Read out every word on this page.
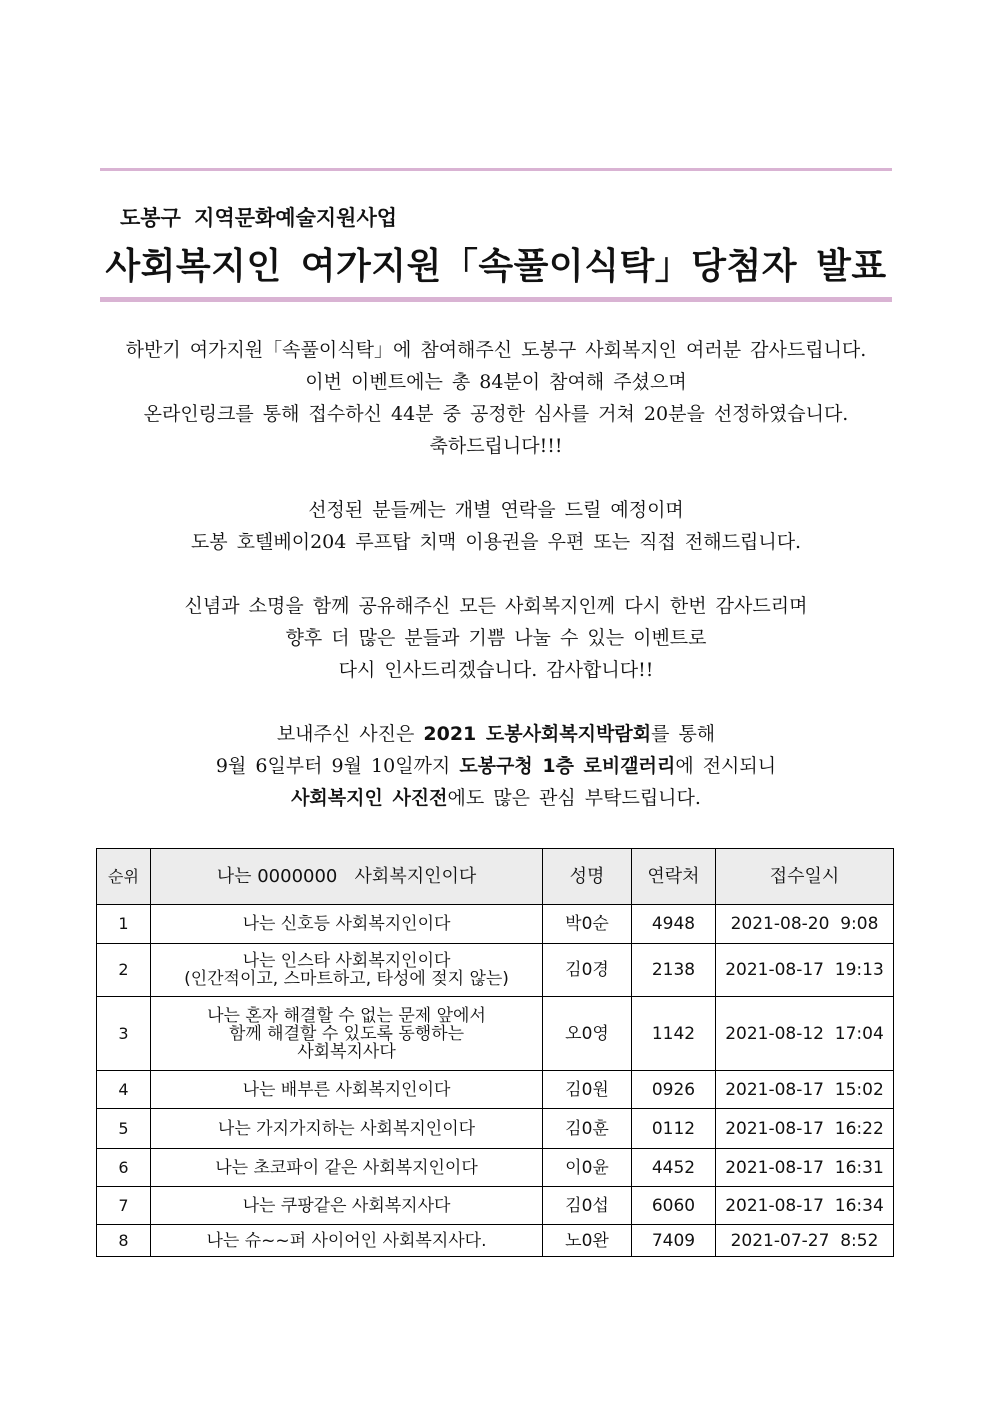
도봉구 지역문화예술지원사업
사회복지인 여가지원「속풀이식탁」당첨자 발표
하반기 여가지원「속풀이식탁」에 참여해주신 도봉구 사회복지인 여러분 감사드립니다.
이번 이벤트에는 총 84분이 참여해 주셨으며
온라인링크를 통해 접수하신 44분 중 공정한 심사를 거쳐 20분을 선정하였습니다.
축하드립니다!!!
선정된 분들께는 개별 연락을 드릴 예정이며
도봉 호텔베이204 루프탑 치맥 이용권을 우편 또는 직접 전해드립니다.
신념과 소명을 함께 공유해주신 모든 사회복지인께 다시 한번 감사드리며
향후 더 많은 분들과 기쁨 나눌 수 있는 이벤트로
다시 인사드리겠습니다. 감사합니다!!
보내주신 사진은 2021 도봉사회복지박람회를 통해
9월 6일부터 9월 10일까지 도봉구청 1층 로비갤러리에 전시되니
사회복지인 사진전에도 많은 관심 부탁드립니다.
순위	나는 0000000   사회복지인이다	성명	연락처	접수일시
1	나는 신호등 사회복지인이다	박0순	4948	2021-08-20  9:08
2	나는 인스타 사회복지인이다
(인간적이고, 스마트하고, 타성에 젖지 않는)	김0경	2138	2021-08-17  19:13
3	나는 혼자 해결할 수 없는 문제 앞에서
함께 해결할 수 있도록 동행하는
사회복지사다	오0영	1142	2021-08-12  17:04
4	나는 배부른 사회복지인이다	김0원	0926	2021-08-17  15:02
5	나는 가지가지하는 사회복지인이다	김0훈	0112	2021-08-17  16:22
6	나는 초코파이 같은 사회복지인이다	이0윤	4452	2021-08-17  16:31
7	나는 쿠팡같은 사회복지사다	김0섭	6060	2021-08-17  16:34
8	나는 슈~~퍼 사이어인 사회복지사다.	노0완	7409	2021-07-27  8:52
